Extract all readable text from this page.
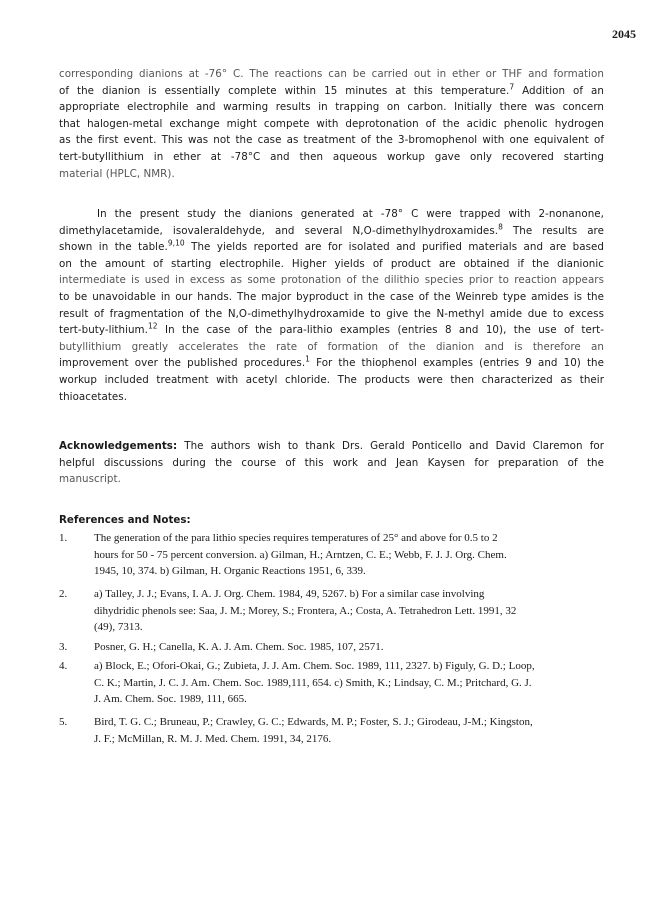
2045
corresponding dianions at -76° C. The reactions can be carried out in ether or THF and formation
of the dianion is essentially complete within 15 minutes at this temperature.$^7$ Addition of an
appropriate electrophile and warming results in trapping on carbon. Initially there was concern
that halogen-metal exchange might compete with deprotonation of the acidic phenolic hydrogen
as the first event. This was not the case as treatment of the 3-bromophenol with one equivalent of
tert-butyllithium in ether at -78°C and then aqueous workup gave only recovered starting
material (HPLC, NMR).
In the present study the dianions generated at -78° C were trapped with 2-nonanone,
dimethylacetamide, isovaleraldehyde, and several N,O-dimethylhydroxamides.$^8$ The results are
shown in the table.$^{9,10}$ The yields reported are for isolated and purified materials and are based
on the amount of starting electrophile. Higher yields of product are obtained if the dianionic
intermediate is used in excess as some protonation of the dilithio species prior to reaction appears
to be unavoidable in our hands. The major byproduct in the case of the Weinreb type amides is the
result of fragmentation of the N,O-dimethylhydroxamide to give the N-methyl amide due to excess
tert-buty-lithium.$^{12}$ In the case of the para-lithio examples (entries 8 and 10), the use of tert-
butyllithium greatly accelerates the rate of formation of the dianion and is therefore an
improvement over the published procedures.$^1$ For the thiophenol examples (entries 9 and 10) the
workup included treatment with acetyl chloride. The products were then characterized as their
thioacetates.
Acknowledgements: The authors wish to thank Drs. Gerald Ponticello and David Claremon for
helpful discussions during the course of this work and Jean Kaysen for preparation of the
manuscript.
References and Notes:
1.	The generation of the para lithio species requires temperatures of 25° and above for 0.5 to 2
hours for 50 - 75 percent conversion. a) Gilman, H.; Arntzen, C. E.; Webb, F. J. J. Org. Chem.
1945, 10, 374. b) Gilman, H. Organic Reactions 1951, 6, 339.
2.	a) Talley, J. J.; Evans, I. A. J. Org. Chem. 1984, 49, 5267. b) For a similar case involving
dihydridic phenols see: Saa, J. M.; Morey, S.; Frontera, A.; Costa, A. Tetrahedron Lett. 1991, 32
(49), 7313.
3.	Posner, G. H.; Canella, K. A. J. Am. Chem. Soc. 1985, 107, 2571.
4.	a) Block, E.; Ofori-Okai, G.; Zubieta, J. J. Am. Chem. Soc. 1989, 111, 2327. b) Figuly, G. D.; Loop,
C. K.; Martin, J. C. J. Am. Chem. Soc. 1989,111, 654. c) Smith, K.; Lindsay, C. M.; Pritchard, G. J.
J. Am. Chem. Soc. 1989, 111, 665.
5.	Bird, T. G. C.; Bruneau, P.; Crawley, G. C.; Edwards, M. P.; Foster, S. J.; Girodeau, J-M.; Kingston,
J. F.; McMillan, R. M. J. Med. Chem. 1991, 34, 2176.
